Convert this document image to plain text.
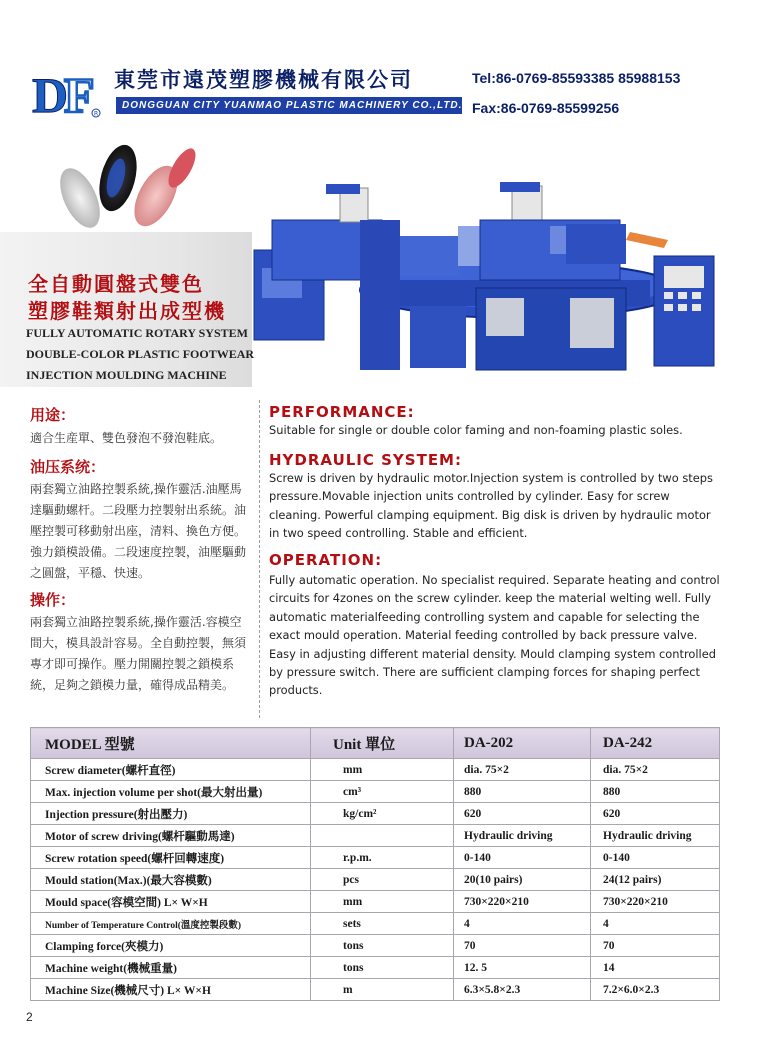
D
F R
東莞市遠茂塑膠機械有限公司
DONGGUAN CITY YUANMAO PLASTIC MACHINERY CO.,LTD.
Tel:86-0769-85593385 85988153
Fax:86-0769-85599256
全自動圓盤式雙色
塑膠鞋類射出成型機
FULLY AUTOMATIC ROTARY SYSTEM
DOUBLE-COLOR PLASTIC FOOTWEAR
INJECTION MOULDING MACHINE
用途：
適合生産單、雙色發泡不發泡鞋底。
油压系统：
兩套獨立油路控製系統,操作靈活.油壓馬達驅動螺杆。二段壓力控製射出系統。油壓控製可移動射出座，清料、換色方便。強力鎖模設備。二段速度控製，油壓驅動之圓盤，平穩、快速。
操作：
兩套獨立油路控製系統,操作靈活.容模空間大，模具設計容易。全自動控製，無須專才即可操作。壓力開關控製之鎖模系統，足夠之鎖模力量，確得成品精美。
PERFORMANCE:
Suitable for single or double color faming and non-foaming plastic soles.
HYDRAULIC SYSTEM:
Screw is driven by hydraulic motor.Injection system is controlled by two steps pressure.Movable injection units controlled by cylinder. Easy for screw cleaning. Powerful clamping equipment. Big disk is driven by hydraulic motor in two speed controlling. Stable and efficient.
OPERATION:
Fully automatic operation. No specialist required. Separate heating and control circuits for 4zones on the screw cylinder. keep the material welting well. Fully automatic materialfeeding controlling system and capable for selecting the exact mould operation. Material feeding controlled by back pressure valve. Easy in adjusting different material density. Mould clamping system controlled by pressure switch. There are sufficient clamping forces for shaping perfect products.
MODEL 型號	Unit 單位	DA-202	DA-242
Screw diameter(螺杆直徑)	mm	dia. 75×2	dia. 75×2
Max. injection volume per shot(最大射出量)	cm³	880	880
Injection pressure(射出壓力)	kg/cm²	620	620
Motor of screw driving(螺杆驅動馬達)		Hydraulic driving	Hydraulic driving
Screw rotation speed(螺杆回轉速度)	r.p.m.	0-140	0-140
Mould station(Max.)(最大容模數)	pcs	20(10 pairs)	24(12 pairs)
Mould space(容模空間) L× W×H	mm	730×220×210	730×220×210
Number of Temperature Control(溫度控製段數)	sets	4	4
Clamping force(夾模力)	tons	70	70
Machine weight(機械重量)	tons	12. 5	14
Machine Size(機械尺寸) L× W×H	m	6.3×5.8×2.3	7.2×6.0×2.3
2
